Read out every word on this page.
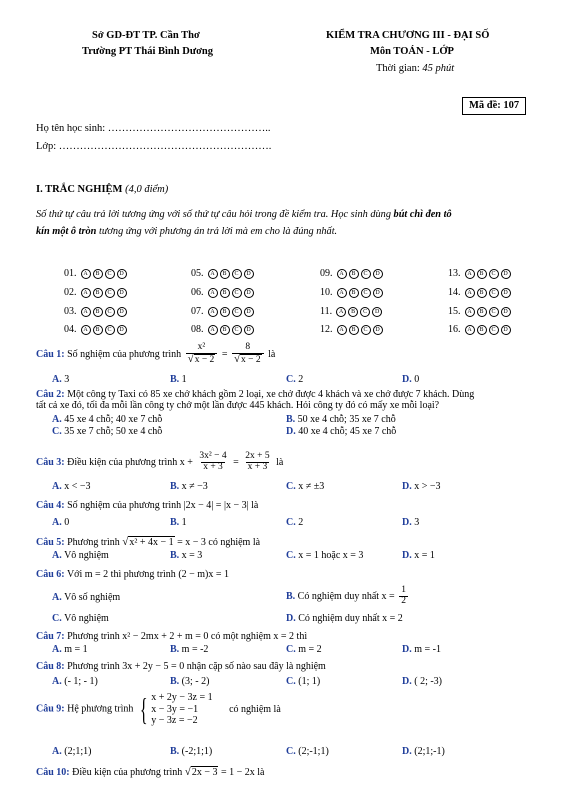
Sở GD-ĐT TP. Cần Thơ
Trường PT Thái Bình Dương
KIỂM TRA CHƯƠNG III - ĐẠI SỐ
Môn TOÁN - LỚP
Thời gian: 45 phút
Mã đề: 107
Họ tên học sinh: ………………………………………..
Lớp: …………………………………………………….
I. TRẮC NGHIỆM (4,0 điểm)
Số thứ tự câu trả lời tương ứng với số thứ tự câu hỏi trong đề kiểm tra. Học sinh dùng bút chì đen tô
kín một ô tròn tương ứng với phương án trả lời mà em cho là đúng nhất.
01.	A	B	C	D	05.	A	B	C	D	09.	A	B	C	D	13.	A	B	C	D
02.	A	B	C	D	06.	A	B	C	D	10.	A	B	C	D	14.	A	B	C	D
03.	A	B	C	D	07.	A	B	C	D	11.	A	B	C	D	15.	A	B	C	D
04.	A	B	C	D	08.	A	B	C	D	12.	A	B	C	D	16.	A	B	C	D
Câu 1: Số nghiệm của phương trình $\frac{\text{x²}}{√x - 2} = \frac{8}{√x - 2}$ là
A. 3	B. 1	C. 2	D. 0
Câu 2: Một công ty Taxi có 85 xe chở khách gồm 2 loại, xe chở được 4 khách và xe chở được 7 khách. Dùng
tất cả xe đó, tối đa mỗi lần công ty chở một lần được 445 khách. Hỏi công ty đó có mấy xe mỗi loại?
A. 45 xe 4 chỗ; 40 xe 7 chỗ	B. 50 xe 4 chỗ; 35 xe 7 chỗ
C. 35 xe 7 chỗ; 50 xe 4 chỗ	D. 40 xe 4 chỗ; 45 xe 7 chỗ
Câu 3: Điều kiện của phương trình $x + \frac{\text{3x² − 4}}{x + 3} = \frac{2x + 5}{x + 3}$ là
A. x < −3	B. x ≠ −3	C. x ≠ ±3	D. x > −3
Câu 4: Số nghiệm của phương trình |2x − 4| = |x − 3| là
A. 0	B. 1	C. 2	D. 3
Câu 5: Phương trình √x² + 4x − 1 = x − 3 có nghiệm là
A. Vô nghiệm	B. x = 3	C. x = 1 hoặc x = 3	D. x = 1
Câu 6: Với m = 2 thì phương trình (2 − m)x = 1
A. Vô số nghiệm	B. Có nghiệm duy nhất $x = \frac{1}{2}$
C. Vô nghiệm	D. Có nghiệm duy nhất x = 2
Câu 7: Phương trình x² − 2mx + 2 + m = 0 có một nghiệm x = 2 thì
A. m = 1	B. m = -2	C. m = 2	D. m = -1
Câu 8: Phương trình 3x + 2y − 5 = 0 nhận cặp số nào sau đây là nghiệm
A. (- 1; - 1)	B. (3; - 2)	C. (1; 1)	D. ( 2; -3)
Câu 9: Hệ phương trình { x + 2y − 3z = 1
x − 3y = −1
y − 3z = −2 có nghiệm là
A. (2;1;1)	B. (-2;1;1)	C. (2;-1;1)	D. (2;1;-1)
Câu 10: Điều kiện của phương trình √2x − 3 = 1 − 2x là
